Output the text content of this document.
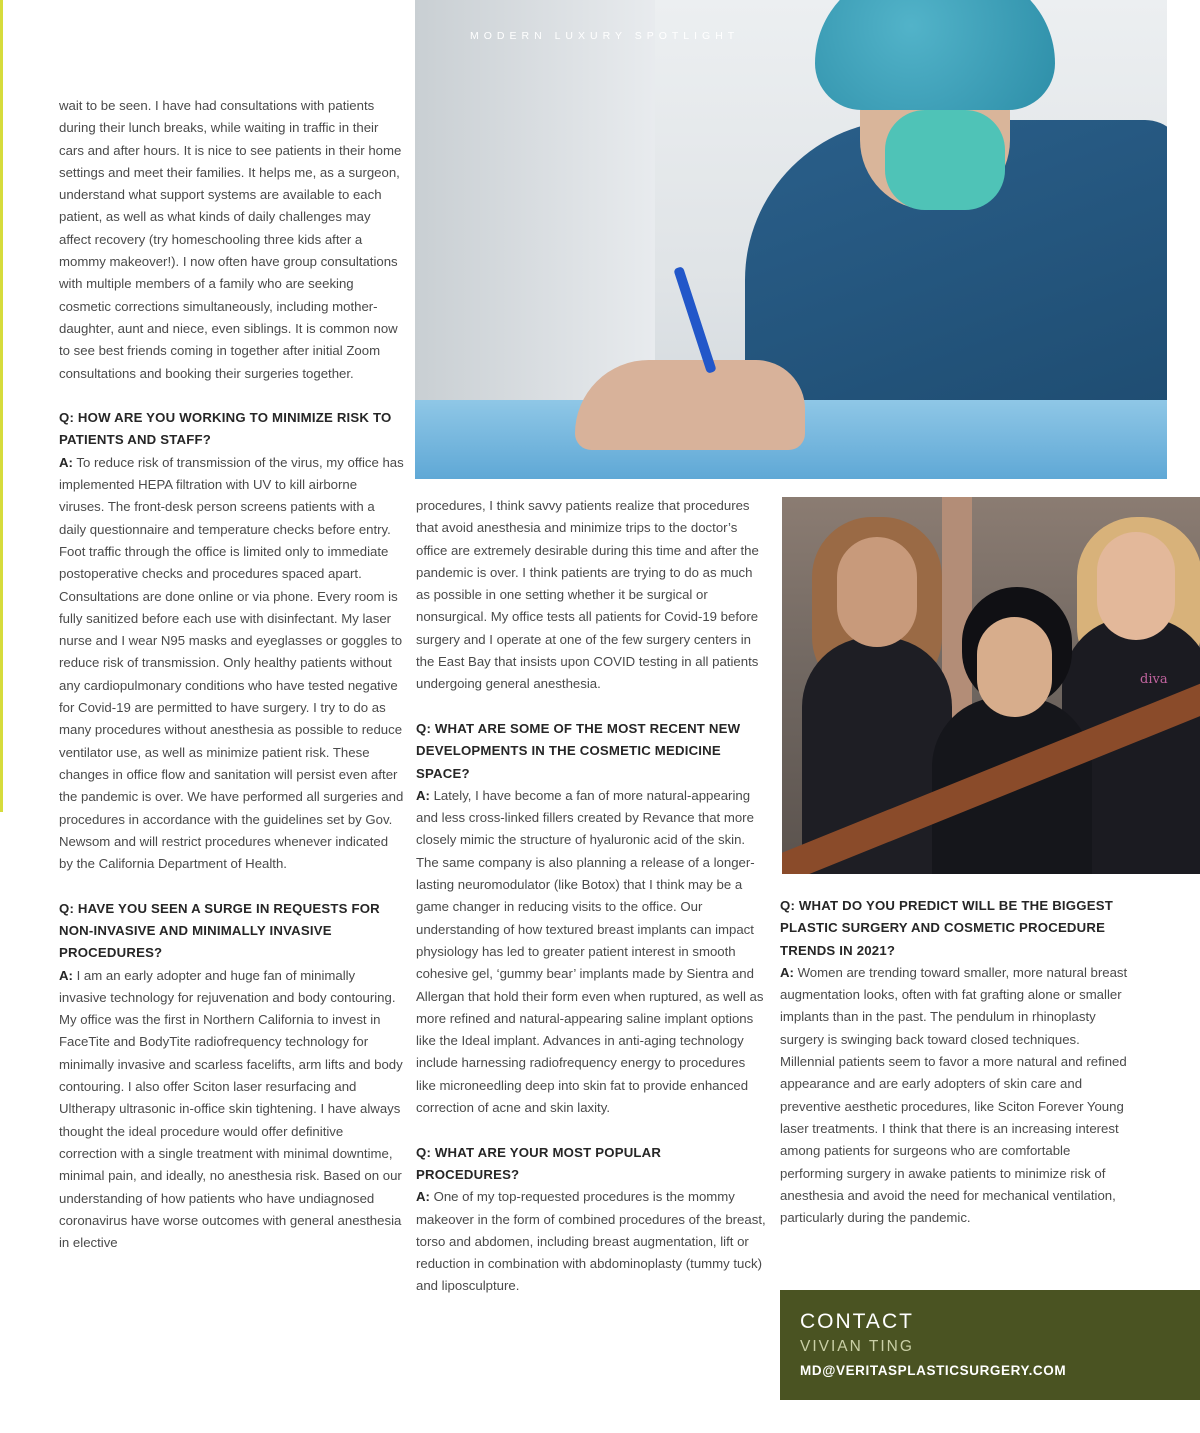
MODERN LUXURY SPOTLIGHT
diva

wait to be seen. I have had consultations with patients during their lunch breaks, while waiting in traffic in their cars and after hours. It is nice to see patients in their home settings and meet their families. It helps me, as a surgeon, understand what support systems are available to each patient, as well as what kinds of daily challenges may affect recovery (try homeschooling three kids after a mommy makeover!). I now often have group consultations with multiple members of a family who are seeking cosmetic corrections simultaneously, including mother-daughter, aunt and niece, even siblings. It is common now to see best friends coming in together after initial Zoom consultations and booking their surgeries together.

Q: HOW ARE YOU WORKING TO MINIMIZE RISK TO PATIENTS AND STAFF?

A: To reduce risk of transmission of the virus, my office has implemented HEPA filtration with UV to kill airborne viruses. The front-desk person screens patients with a daily questionnaire and temperature checks before entry. Foot traffic through the office is limited only to immediate postoperative checks and procedures spaced apart. Consultations are done online or via phone. Every room is fully sanitized before each use with disinfectant. My laser nurse and I wear N95 masks and eyeglasses or goggles to reduce risk of transmission. Only healthy patients without any cardiopulmonary conditions who have tested negative for Covid-19 are permitted to have surgery. I try to do as many procedures without anesthesia as possible to reduce ventilator use, as well as minimize patient risk. These changes in office flow and sanitation will persist even after the pandemic is over. We have performed all surgeries and procedures in accordance with the guidelines set by Gov. Newsom and will restrict procedures whenever indicated by the California Department of Health.

Q: HAVE YOU SEEN A SURGE IN REQUESTS FOR NON-INVASIVE AND MINIMALLY INVASIVE PROCEDURES?

A: I am an early adopter and huge fan of minimally invasive technology for rejuvenation and body contouring. My office was the first in Northern California to invest in FaceTite and BodyTite radiofrequency technology for minimally invasive and scarless facelifts, arm lifts and body contouring. I also offer Sciton laser resurfacing and Ultherapy ultrasonic in-office skin tightening. I have always thought the ideal procedure would offer definitive correction with a single treatment with minimal downtime, minimal pain, and ideally, no anesthesia risk. Based on our understanding of how patients who have undiagnosed coronavirus have worse outcomes with general anesthesia in elective

procedures, I think savvy patients realize that procedures that avoid anesthesia and minimize trips to the doctor’s office are extremely desirable during this time and after the pandemic is over. I think patients are trying to do as much as possible in one setting whether it be surgical or nonsurgical. My office tests all patients for Covid-19 before surgery and I operate at one of the few surgery centers in the East Bay that insists upon COVID testing in all patients undergoing general anesthesia.

Q: WHAT ARE SOME OF THE MOST RECENT NEW DEVELOPMENTS IN THE COSMETIC MEDICINE SPACE?

A: Lately, I have become a fan of more natural-appearing and less cross-linked fillers created by Revance that more closely mimic the structure of hyaluronic acid of the skin. The same company is also planning a release of a longer-lasting neuromodulator (like Botox) that I think may be a game changer in reducing visits to the office. Our understanding of how textured breast implants can impact physiology has led to greater patient interest in smooth cohesive gel, ‘gummy bear’ implants made by Sientra and Allergan that hold their form even when ruptured, as well as more refined and natural-appearing saline implant options like the Ideal implant. Advances in anti-aging technology include harnessing radiofrequency energy to procedures like microneedling deep into skin fat to provide enhanced correction of acne and skin laxity.

Q: WHAT ARE YOUR MOST POPULAR PROCEDURES?

A: One of my top-requested procedures is the mommy makeover in the form of combined procedures of the breast, torso and abdomen, including breast augmentation, lift or reduction in combination with abdominoplasty (tummy tuck) and liposculpture.

Q: WHAT DO YOU PREDICT WILL BE THE BIGGEST PLASTIC SURGERY AND COSMETIC PROCEDURE TRENDS IN 2021?

A: Women are trending toward smaller, more natural breast augmentation looks, often with fat grafting alone or smaller implants than in the past. The pendulum in rhinoplasty surgery is swinging back toward closed techniques. Millennial patients seem to favor a more natural and refined appearance and are early adopters of skin care and preventive aesthetic procedures, like Sciton Forever Young laser treatments. I think that there is an increasing interest among patients for surgeons who are comfortable performing surgery in awake patients to minimize risk of anesthesia and avoid the need for mechanical ventilation, particularly during the pandemic.

CONTACT
VIVIAN TING
MD@VERITASPLASTICSURGERY.COM
